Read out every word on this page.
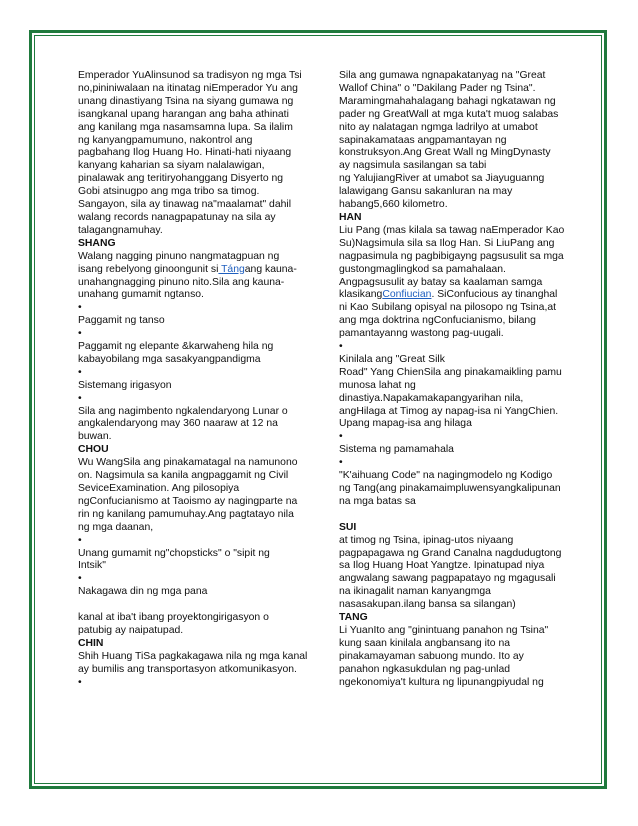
Emperador YuAlinsunod sa tradisyon ng mga Tsi
no,pininiwalaan na itinatag niEmperador Yu ang
unang dinastiyang Tsina na siyang gumawa ng
isangkanal upang harangan ang baha athinati
ang kanilang mga nasamsamna lupa. Sa ilalim
ng kanyangpamumuno, nakontrol ang
pagbahang Ilog Huang Ho. Hinati-hati niyaang
kanyang kaharian sa siyam nalalawigan,
pinalawak ang teritiryohanggang Disyerto ng
Gobi atsinugpo ang mga tribo sa timog.
Sangayon, sila ay tinawag na"maalamat" dahil
walang records nanagpapatunay na sila ay
talagangnamuhay.
SHANG
Walang nagging pinuno nangmatagpuan ng
isang rebelyong ginoongunit si Tángang kauna-
unahangnagging pinuno nito.Sila ang kauna-
unahang gumamit ngtanso.
•
Paggamit ng tanso
•
Paggamit ng elepante &karwaheng hila ng
kabayobilang mga sasakyangpandigma
•
Sistemang irigasyon
•
Sila ang nagimbento ngkalendaryong Lunar o
angkalendaryong may 360 naaraw at 12 na
buwan.
CHOU
Wu WangSila ang pinakamatagal na namunono
on. Nagsimula sa kanila angpaggamit ng Civil
SeviceExamination. Ang pilosopiya
ngConfucianismo at Taoismo ay nagingparte na
rin ng kanilang pamumuhay.Ang pagtatayo nila
ng mga daanan,
•
Unang gumamit ng"chopsticks" o "sipit ng
Intsik"
•
Nakagawa din ng mga pana
kanal at iba't ibang proyektongirigasyon o
patubig ay naipatupad.
CHIN
Shih Huang TiSa pagkakagawa nila ng mga kanal
ay bumilis ang transportasyon atkomunikasyon.
•
Sila ang gumawa ngnapakatanyag na "Great
Wallof China" o "Dakilang Pader ng Tsina".
Maramingmahahalagang bahagi ngkatawan ng
pader ng GreatWall at mga kuta't muog salabas
nito ay nalatagan ngmga ladrilyo at umabot
sapinakamataas angpamantayan ng
konstruksyon.Ang Great Wall ng MingDynasty
ay nagsimula sasilangan sa tabi
ng YalujiangRiver at umabot sa Jiayuguanng
lalawigang Gansu sakanluran na may
habang5,660 kilometro.
HAN
Liu Pang (mas kilala sa tawag naEmperador Kao
Su)Nagsimula sila sa Ilog Han. Si LiuPang ang
nagpasimula ng pagbibigayng pagsusulit sa mga
gustongmaglingkod sa pamahalaan.
Angpagsusulit ay batay sa kaalaman samga
klasikangConfiucian. SiConfucious ay tinanghal
ni Kao Subilang opisyal na pilosopo ng Tsina,at
ang mga doktrina ngConfucianismo, bilang
pamantayanng wastong pag-uugali.
•
Kinilala ang "Great Silk
Road" Yang ChienSila ang pinakamaikling pamu
munosa lahat ng
dinastiya.Napakamakapangyarihan nila,
angHilaga at Timog ay napag-isa ni YangChien.
Upang mapag-isa ang hilaga
•
Sistema ng pamamahala
•
"K'aihuang Code" na nagingmodelo ng Kodigo
ng Tang(ang pinakamaimpluwensyangkalipunan
na mga batas sa
SUI
at timog ng Tsina, ipinag-utos niyaang
pagpapagawa ng Grand Canalna nagdudugtong
sa Ilog Huang Hoat Yangtze. Ipinatupad niya
angwalang sawang pagpapatayo ng mgagusali
na ikinagalit naman kanyangmga
nasasakupan.ilang bansa sa silangan)
TANG
Li YuanIto ang "ginintuang panahon ng Tsina"
kung saan kinilala angbansang ito na
pinakamayaman sabuong mundo. Ito ay
panahon ngkasukdulan ng pag-unlad
ngekonomiya't kultura ng lipunangpiyudal ng
